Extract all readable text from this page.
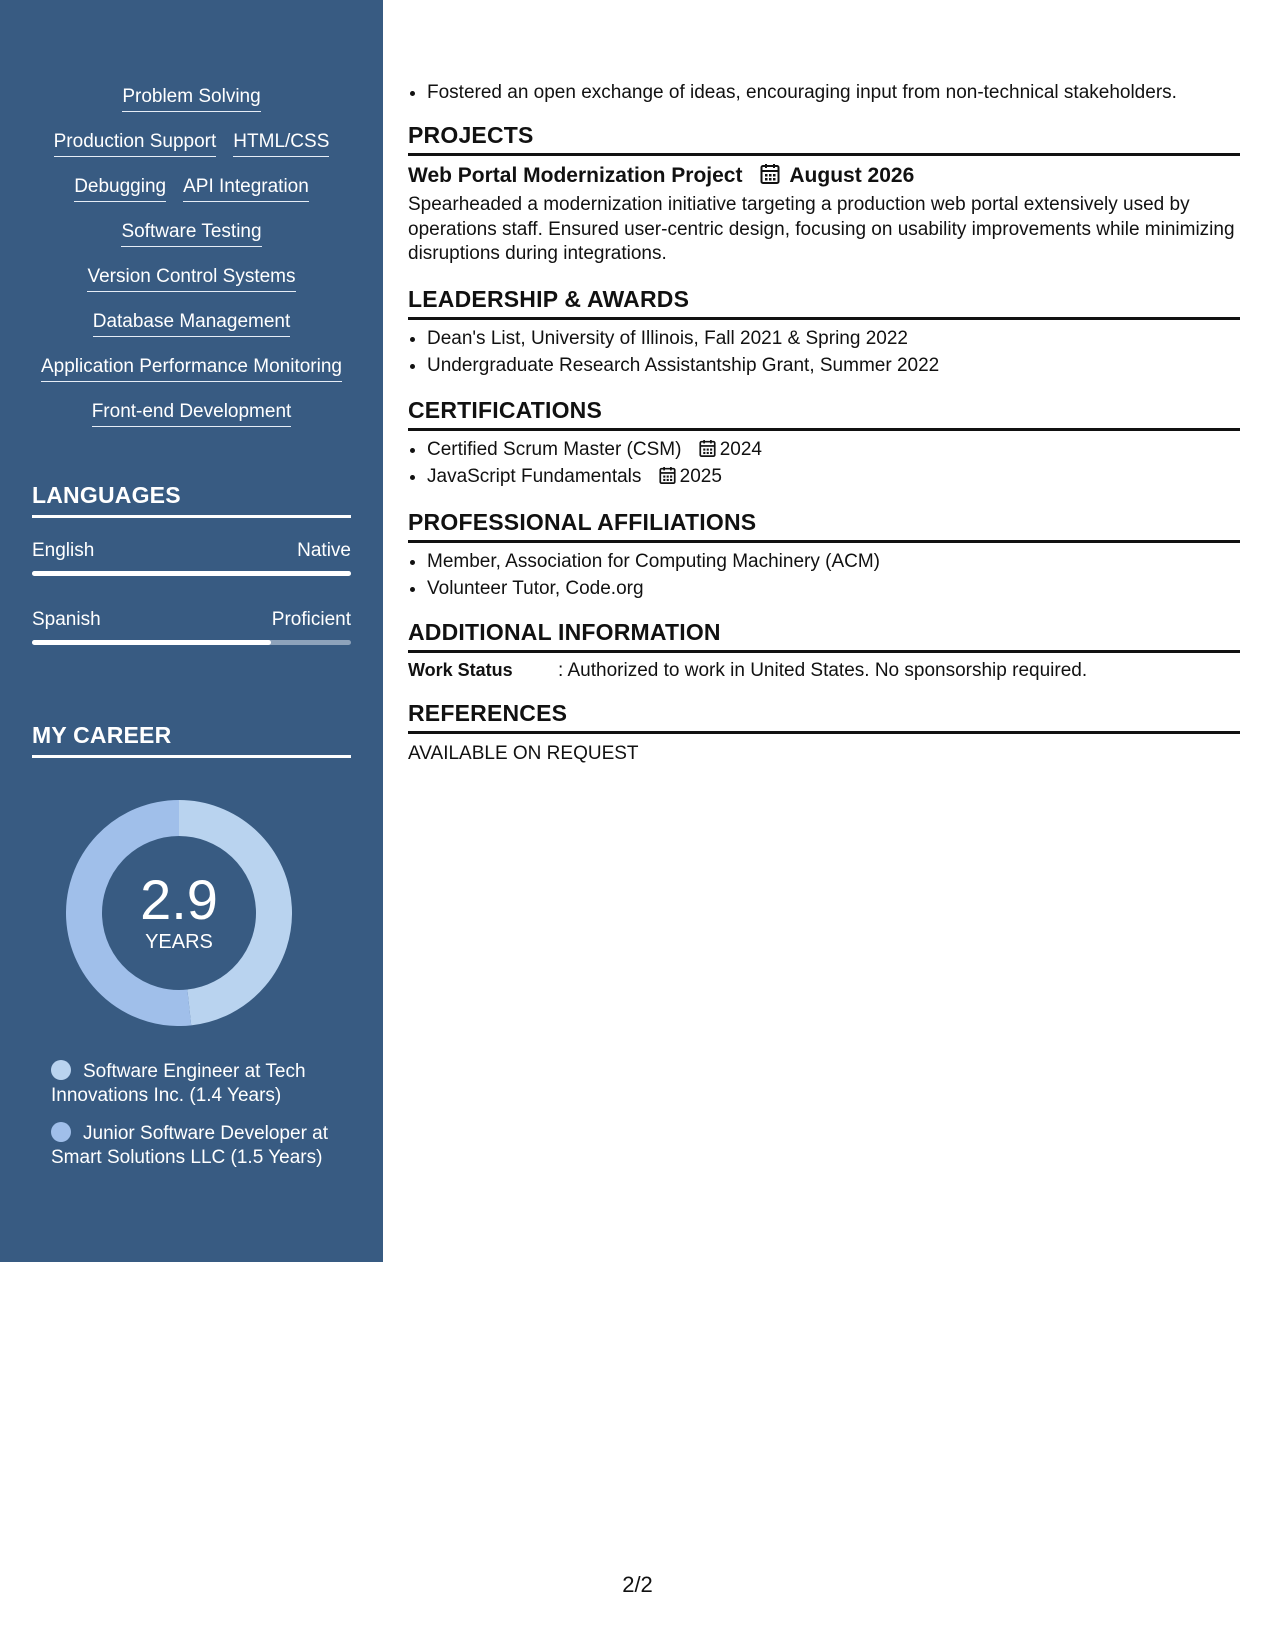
Problem Solving
Production Support HTML/CSS
Debugging API Integration
Software Testing
Version Control Systems
Database Management
Application Performance Monitoring
Front-end Development
LANGUAGES
English	Native
Spanish	Proficient
MY CAREER
2.9
YEARS
Software Engineer at Tech Innovations Inc. (1.4 Years)
Junior Software Developer at Smart Solutions LLC (1.5 Years)
• Fostered an open exchange of ideas, encouraging input from non-technical stakeholders.
PROJECTS
Web Portal Modernization Project August 2026
Spearheaded a modernization initiative targeting a production web portal extensively used by operations staff. Ensured user-centric design, focusing on usability improvements while minimizing disruptions during integrations.
LEADERSHIP & AWARDS
• Dean's List, University of Illinois, Fall 2021 & Spring 2022
• Undergraduate Research Assistantship Grant, Summer 2022
CERTIFICATIONS
• Certified Scrum Master (CSM) 2024
• JavaScript Fundamentals 2025
PROFESSIONAL AFFILIATIONS
• Member, Association for Computing Machinery (ACM)
• Volunteer Tutor, Code.org
ADDITIONAL INFORMATION
Work Status : Authorized to work in United States. No sponsorship required.
REFERENCES
AVAILABLE ON REQUEST
2/2
